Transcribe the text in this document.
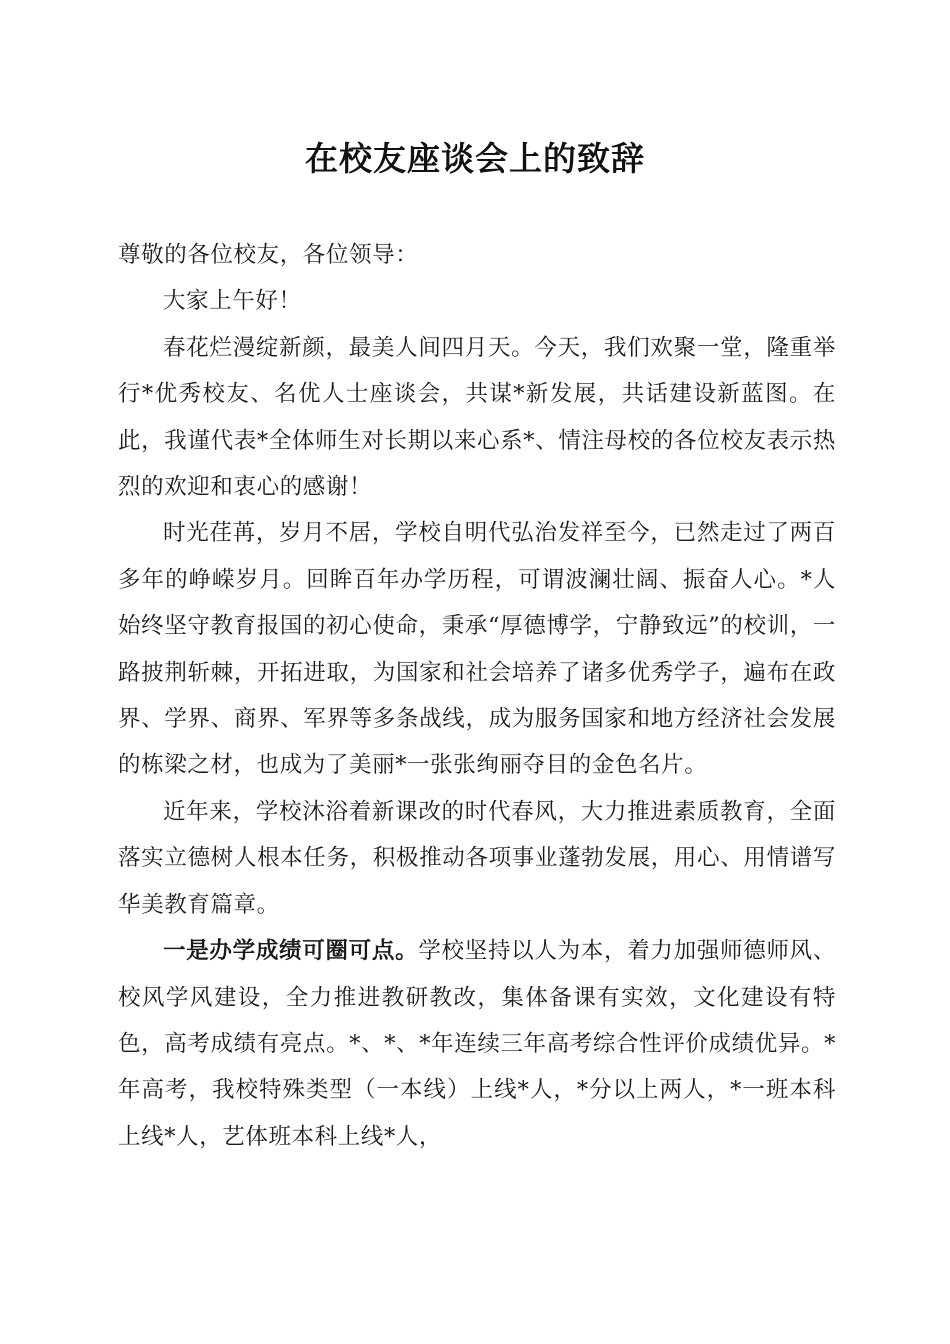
在校友座谈会上的致辞

尊敬的各位校友，各位领导：

大家上午好！

春花烂漫绽新颜，最美人间四月天。今天，我们欢聚一堂，隆重举行*优秀校友、名优人士座谈会，共谋*新发展，共话建设新蓝图。在此，我谨代表*全体师生对长期以来心系*、情注母校的各位校友表示热烈的欢迎和衷心的感谢！

时光荏苒，岁月不居，学校自明代弘治发祥至今，已然走过了两百多年的峥嵘岁月。回眸百年办学历程，可谓波澜壮阔、振奋人心。*人始终坚守教育报国的初心使命，秉承“厚德博学，宁静致远”的校训，一路披荆斩棘，开拓进取，为国家和社会培养了诸多优秀学子，遍布在政界、学界、商界、军界等多条战线，成为服务国家和地方经济社会发展的栋梁之材，也成为了美丽*一张张绚丽夺目的金色名片。

近年来，学校沐浴着新课改的时代春风，大力推进素质教育，全面落实立德树人根本任务，积极推动各项事业蓬勃发展，用心、用情谱写华美教育篇章。

一是办学成绩可圈可点。学校坚持以人为本，着力加强师德师风、校风学风建设，全力推进教研教改，集体备课有实效，文化建设有特色，高考成绩有亮点。*、*、*年连续三年高考综合性评价成绩优异。*年高考，我校特殊类型（一本线）上线*人，*分以上两人，*一班本科上线*人，艺体班本科上线*人，
